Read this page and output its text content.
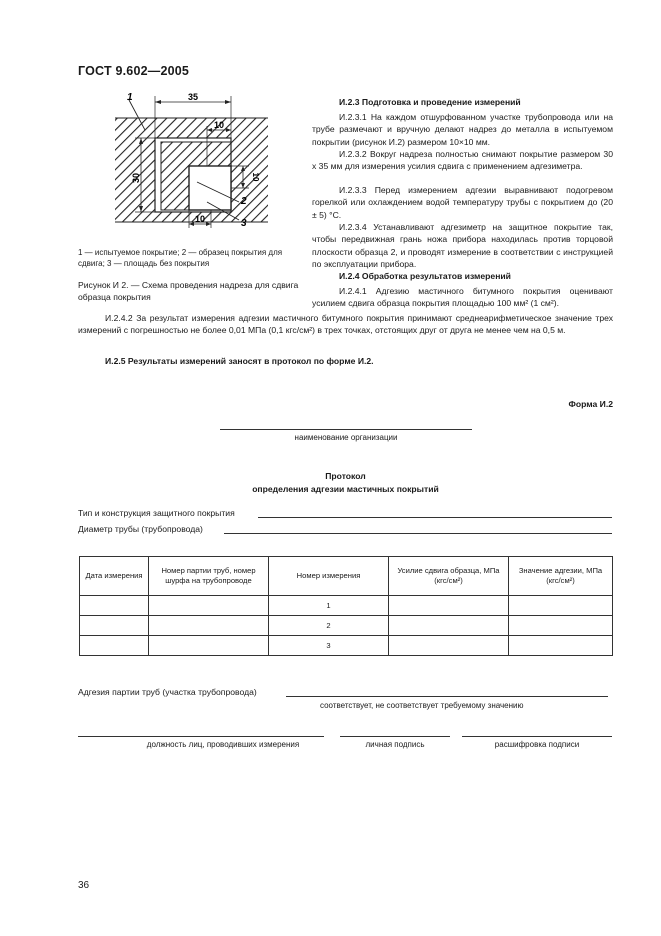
ГОСТ 9.602—2005
35
10
30	10
10
1
2
3
1 — испытуемое покрытие; 2 — образец покрытия для сдвига; 3 — площадь без покрытия
Рисунок И 2. — Схема проведения надреза для сдвига образца покрытия
И.2.3 Подготовка и проведение измерений
И.2.3.1 На каждом отшурфованном участке трубопровода или на трубе размечают и вручную делают надрез до металла в испытуемом покрытии (рисунок И.2) размером 10×10 мм.
И.2.3.2 Вокруг надреза полностью снимают покрытие размером 30 х 35 мм для измерения усилия сдвига с применением адгезиметра.
И.2.3.3 Перед измерением адгезии выравнивают подогревом горелкой или охлаждением водой температуру трубы с покрытием до (20 ± 5) °С.
И.2.3.4 Устанавливают адгезиметр на защитное покрытие так, чтобы передвижная грань ножа прибора находилась против торцовой плоскости образца 2, и проводят измерение в соответствии с инструкцией по эксплуатации прибора.
И.2.4 Обработка результатов измерений
И.2.4.1 Адгезию мастичного битумного покрытия оценивают усилием сдвига образца покрытия площадью 100 мм² (1 см²).
И.2.4.2 За результат измерения адгезии мастичного битумного покрытия принимают среднеарифметическое значение трех измерений с погрешностью не более 0,01 МПа (0,1 кгс/см²) в трех точках, отстоящих друг от друга не менее чем на 0,5 м.
И.2.5 Результаты измерений заносят в протокол по форме И.2.
Форма И.2
наименование организации
Протокол
определения адгезии мастичных покрытий
Тип и конструкция защитного покрытия
Диаметр трубы (трубопровода)
Дата измерения	Номер партии труб, номер шурфа на трубопроводе	Номер измерения	Усилие сдвига образца, МПа (кгс/см²)	Значение адгезии, МПа (кгс/см²)
		1		
		2		
		3		
Адгезия партии труб (участка трубопровода)
соответствует, не соответствует требуемому значению
должность лиц, проводивших измерения	личная подпись	расшифровка подписи
36
